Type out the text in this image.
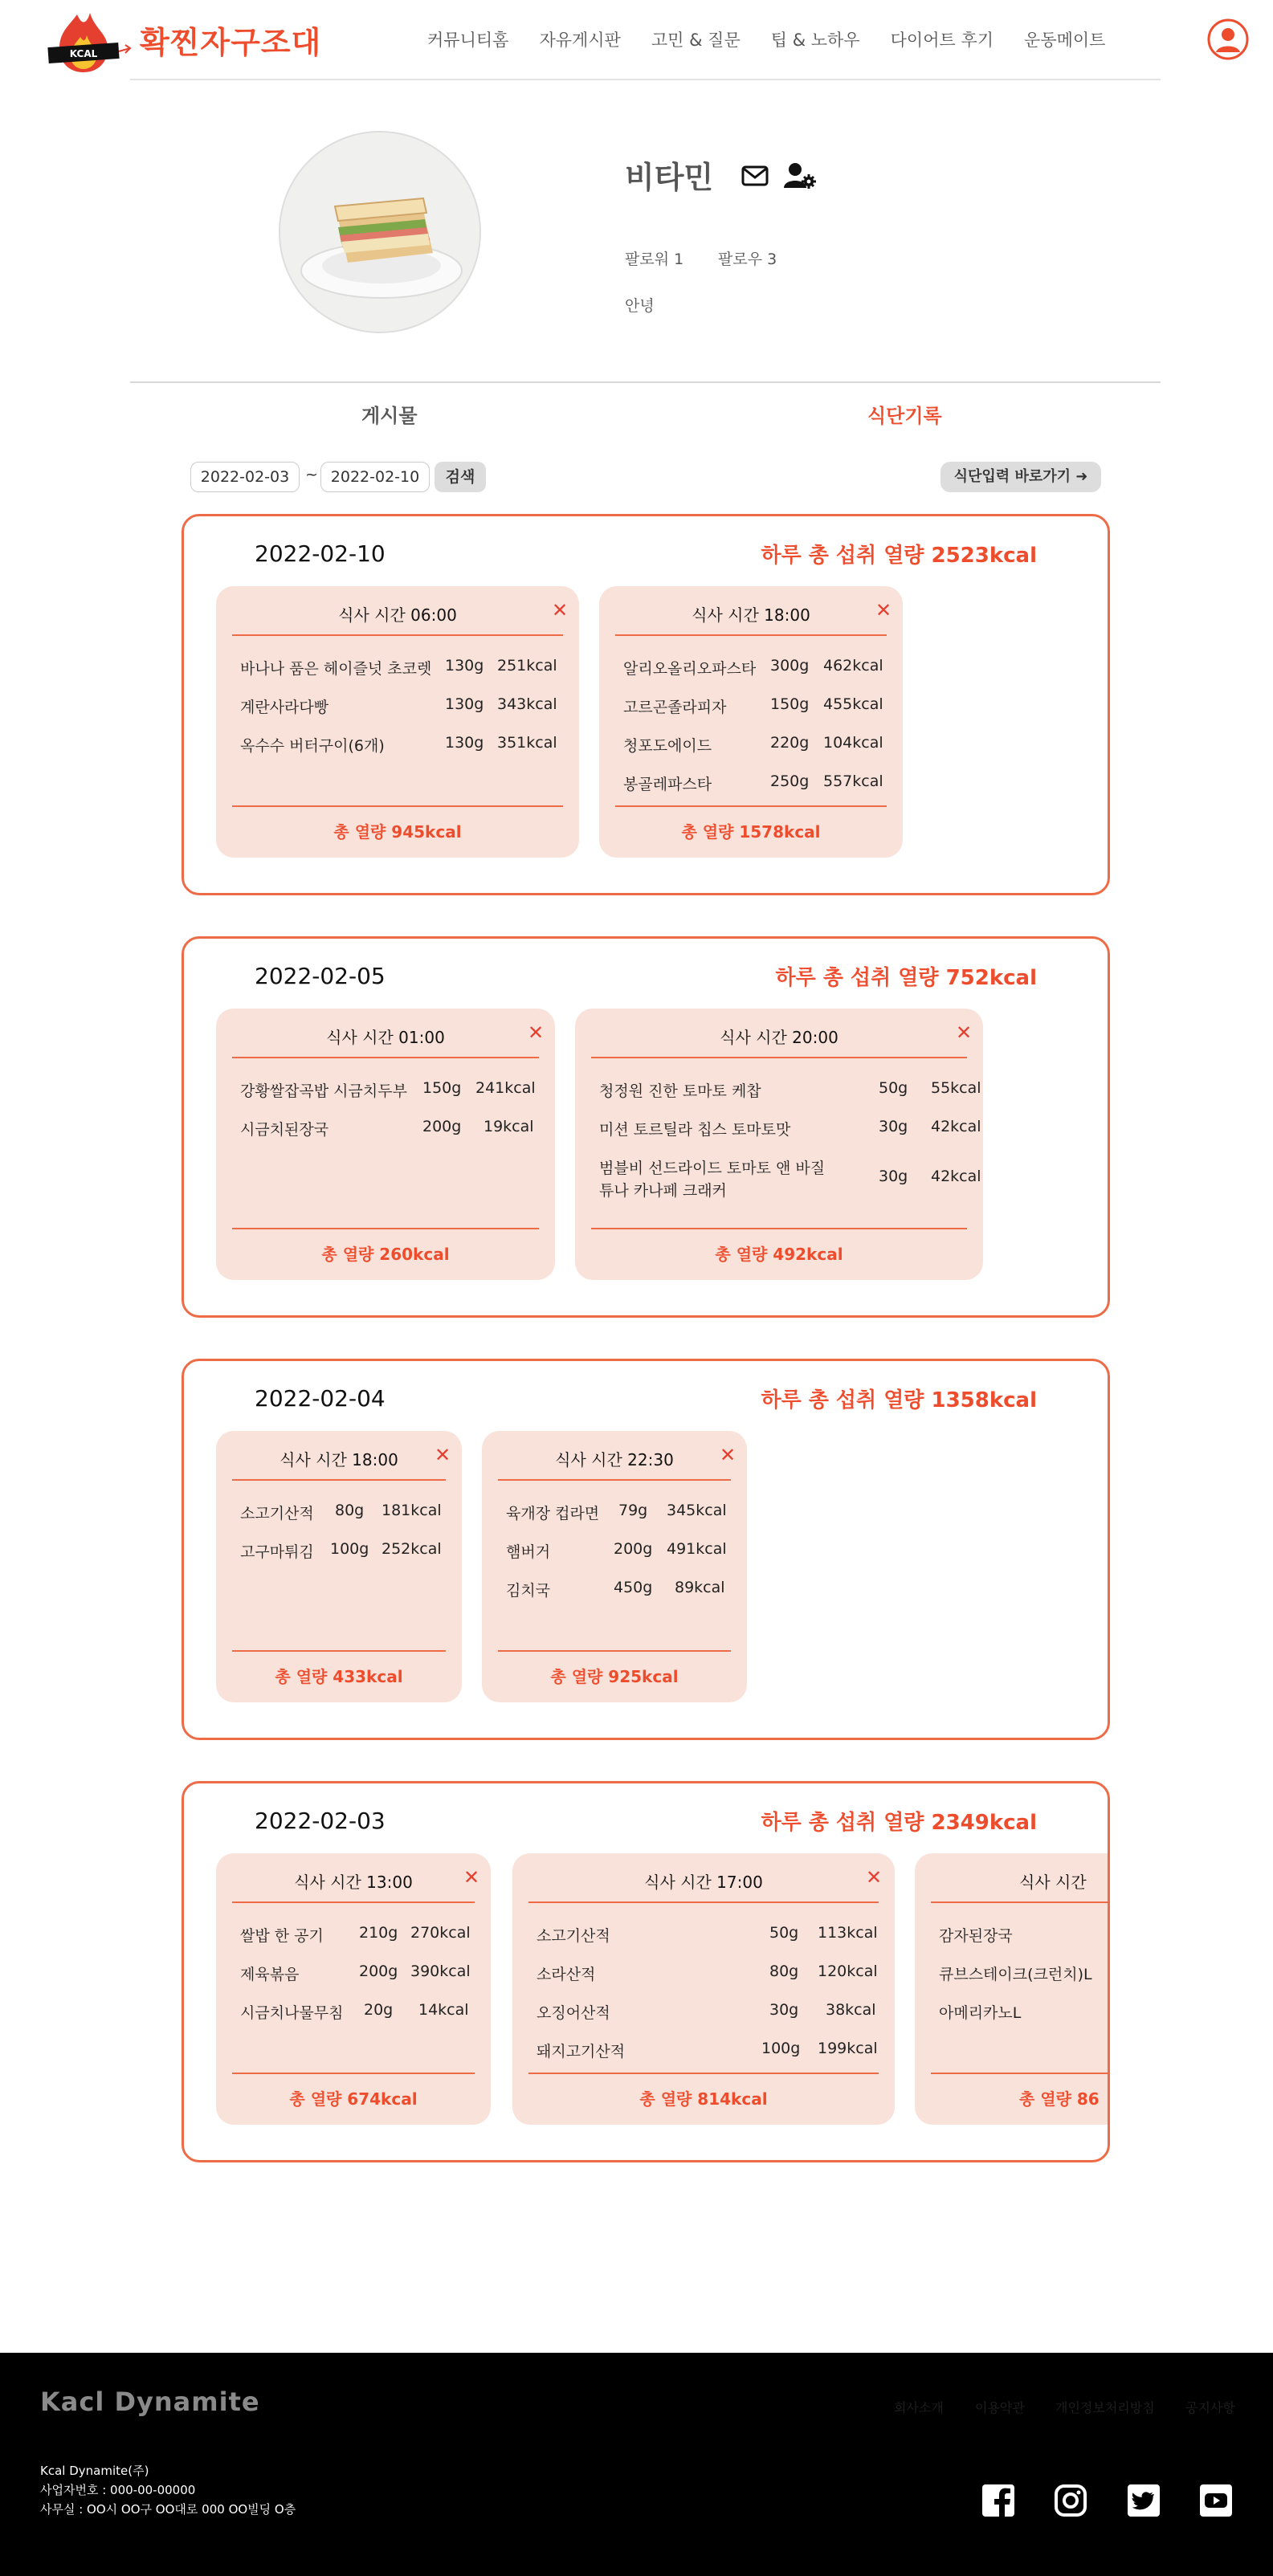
KCAL 확찐자구조대	커뮤니티홈 자유게시판 고민 & 질문 팁 & 노하우 다이어트 후기 운동메이트
비타민
팔로워 1 팔로우 3
안녕
게시물	식단기록
2022-02-03	~ 2022-02-10	검색	식단입력 바로가기 ➜
2022-02-10	하루 총 섭취 열량 2523kcal
식사 시간 06:00	✕
바나나 품은 헤이즐넛 초코렛 130g 251kcal
계란사라다빵	130g 343kcal
옥수수 버터구이(6개)	130g 351kcal
총 열량 945kcal
식사 시간 18:00	✕
알리오올리오파스타 300g 462kcal
고르곤졸라피자	150g 455kcal
청포도에이드	220g 104kcal
봉골레파스타	250g 557kcal
총 열량 1578kcal
2022-02-05	하루 총 섭취 열량 752kcal
식사 시간 01:00	✕
강황쌀잡곡밥 시금치두부 150g 241kcal
시금치된장국	200g 19kcal
총 열량 260kcal
식사 시간 20:00	✕
청정원 진한 토마토 케찹	50g 55kcal
미션 토르틸라 칩스 토마토맛	30g 42kcal
범블비 선드라이드 토마토 앤 바질
튜나 카나페 크래커
30g 42kcal
총 열량 492kcal
2022-02-04	하루 총 섭취 열량 1358kcal
식사 시간 18:00	✕
소고기산적 80g 181kcal
고구마튀김 100g 252kcal
총 열량 433kcal
식사 시간 22:30	✕
육개장 컵라면 79g 345kcal
햄버거	200g 491kcal
김치국	450g 89kcal
총 열량 925kcal
2022-02-03	하루 총 섭취 열량 2349kcal
식사 시간 13:00	✕
쌀밥 한 공기 210g 270kcal
제육볶음	200g 390kcal
시금치나물무침 20g 14kcal
총 열량 674kcal
식사 시간 17:00	✕
소고기산적	50g 113kcal
소라산적	80g 120kcal
오징어산적	30g 38kcal
돼지고기산적	100g 199kcal
총 열량 814kcal
식사 시간
감자된장국
큐브스테이크(크런치)L
아메리카노L
총 열량 86
Kacl Dynamite	회사소개 이용약관 개인정보처리방침 공지사항
Kcal Dynamite(주)
사업자번호 : 000-00-00000
사무실 : OO시 OO구 OO대로 000 OO빌딩 O층
